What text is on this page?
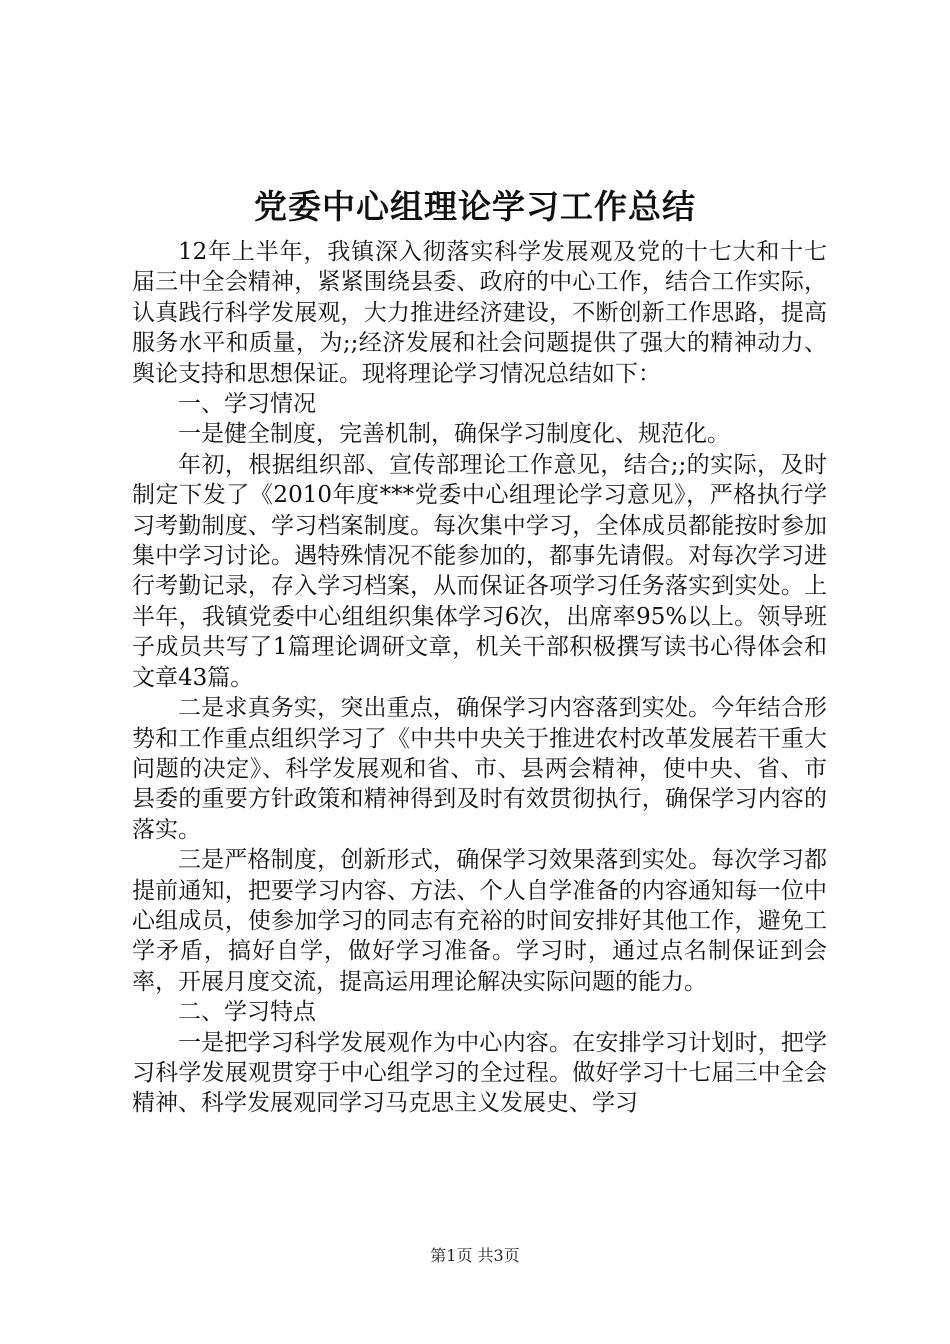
党委中心组理论学习工作总结

12年上半年，我镇深入彻落实科学发展观及党的十七大和十七届三中全会精神，紧紧围绕县委、政府的中心工作，结合工作实际，认真践行科学发展观，大力推进经济建设，不断创新工作思路，提高服务水平和质量，为;;经济发展和社会问题提供了强大的精神动力、舆论支持和思想保证。现将理论学习情况总结如下：

一、学习情况

一是健全制度，完善机制，确保学习制度化、规范化。

年初，根据组织部、宣传部理论工作意见，结合;;的实际，及时制定下发了《2010年度***党委中心组理论学习意见》，严格执行学习考勤制度、学习档案制度。每次集中学习，全体成员都能按时参加集中学习讨论。遇特殊情况不能参加的，都事先请假。对每次学习进行考勤记录，存入学习档案，从而保证各项学习任务落实到实处。上半年，我镇党委中心组组织集体学习6次，出席率95%以上。领导班子成员共写了1篇理论调研文章，机关干部积极撰写读书心得体会和文章43篇。

二是求真务实，突出重点，确保学习内容落到实处。今年结合形势和工作重点组织学习了《中共中央关于推进农村改革发展若干重大问题的决定》、科学发展观和省、市、县两会精神，使中央、省、市县委的重要方针政策和精神得到及时有效贯彻执行，确保学习内容的落实。

三是严格制度，创新形式，确保学习效果落到实处。每次学习都提前通知，把要学习内容、方法、个人自学准备的内容通知每一位中心组成员，使参加学习的同志有充裕的时间安排好其他工作，避免工学矛盾，搞好自学，做好学习准备。学习时，通过点名制保证到会率，开展月度交流，提高运用理论解决实际问题的能力。

二、学习特点

一是把学习科学发展观作为中心内容。在安排学习计划时，把学习科学发展观贯穿于中心组学习的全过程。做好学习十七届三中全会精神、科学发展观同学习马克思主义发展史、学习

第1页 共3页
